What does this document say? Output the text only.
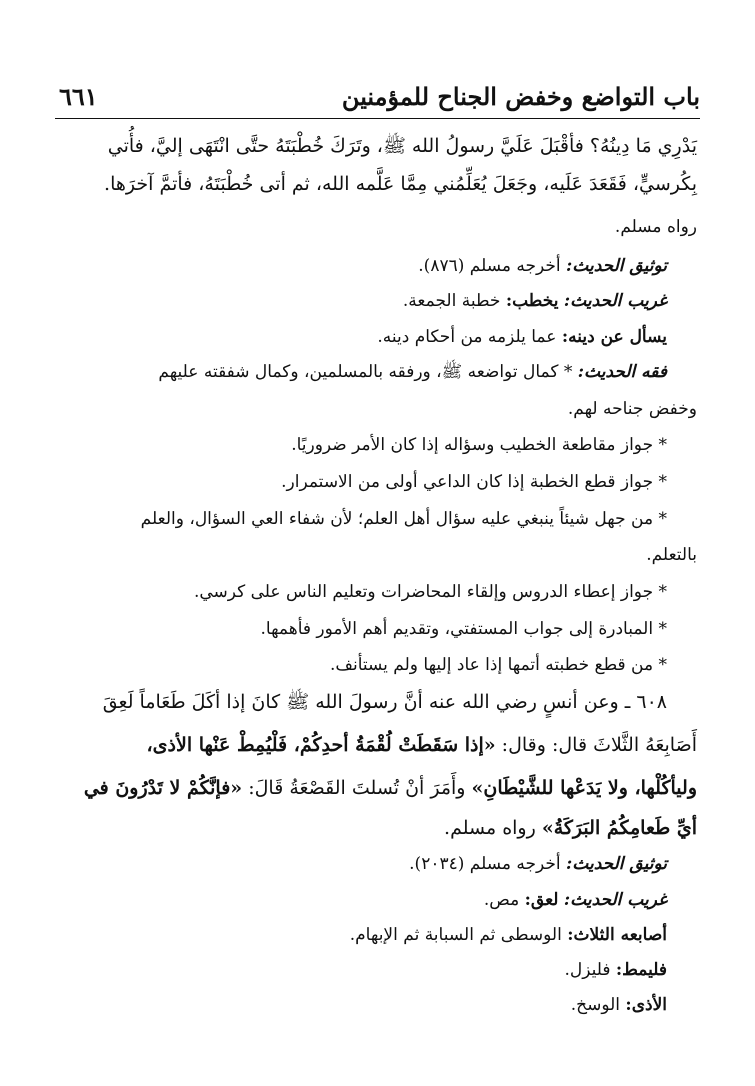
باب التواضع وخفض الجناح للمؤمنين
٦٦١
يَدْرِي مَا دِينُهُ؟ فأقْبَلَ عَلَيَّ رسولُ الله ﷺ، وتَرَكَ خُطْبَتَهُ حتَّى انْتَهَى إليَّ، فأُتي
بِكُرسيٍّ، فَقَعَدَ عَلَيه، وجَعَلَ يُعَلِّمُني مِمَّا عَلَّمه الله، ثم أتى خُطْبَتَهُ، فأتمَّ آخرَها.
رواه مسلم.
توثيق الحديث: أخرجه مسلم (٨٧٦).
غريب الحديث: يخطب: خطبة الجمعة.
يسأل عن دينه: عما يلزمه من أحكام دينه.
فقه الحديث: * كمال تواضعه ﷺ، ورفقه بالمسلمين، وكمال شفقته عليهم
وخفض جناحه لهم.
* جواز مقاطعة الخطيب وسؤاله إذا كان الأمر ضروريًا.
* جواز قطع الخطبة إذا كان الداعي أولى من الاستمرار.
* من جهل شيئاً ينبغي عليه سؤال أهل العلم؛ لأن شفاء العي السؤال، والعلم
بالتعلم.
* جواز إعطاء الدروس وإلقاء المحاضرات وتعليم الناس على كرسي.
* المبادرة إلى جواب المستفتي، وتقديم أهم الأمور فأهمها.
* من قطع خطبته أتمها إذا عاد إليها ولم يستأنف.
٦٠٨ ـ وعن أنسٍ رضي الله عنه أنَّ رسولَ الله ﷺ كانَ إذا أكَلَ طَعَاماً لَعِقَ
أَصَابِعَهُ الثَّلاثَ قال: وقال: «إذا سَقَطَتْ لُقْمَةُ أحدِكُمْ، فَلْيُمِطْ عَنْها الأذى،
وليأكُلْها، ولا يَدَعْها للشَّيْطَانِ» وأَمَرَ أنْ تُسلتَ القَصْعَةُ قَالَ: «فإنَّكُمْ لا تَدْرُونَ في
أيِّ طَعامِكُمُ البَرَكَةُ» رواه مسلم.
توثيق الحديث: أخرجه مسلم (٢٠٣٤).
غريب الحديث: لعق: مص.
أصابعه الثلاث: الوسطى ثم السبابة ثم الإبهام.
فليمط: فليزل.
الأذى: الوسخ.
